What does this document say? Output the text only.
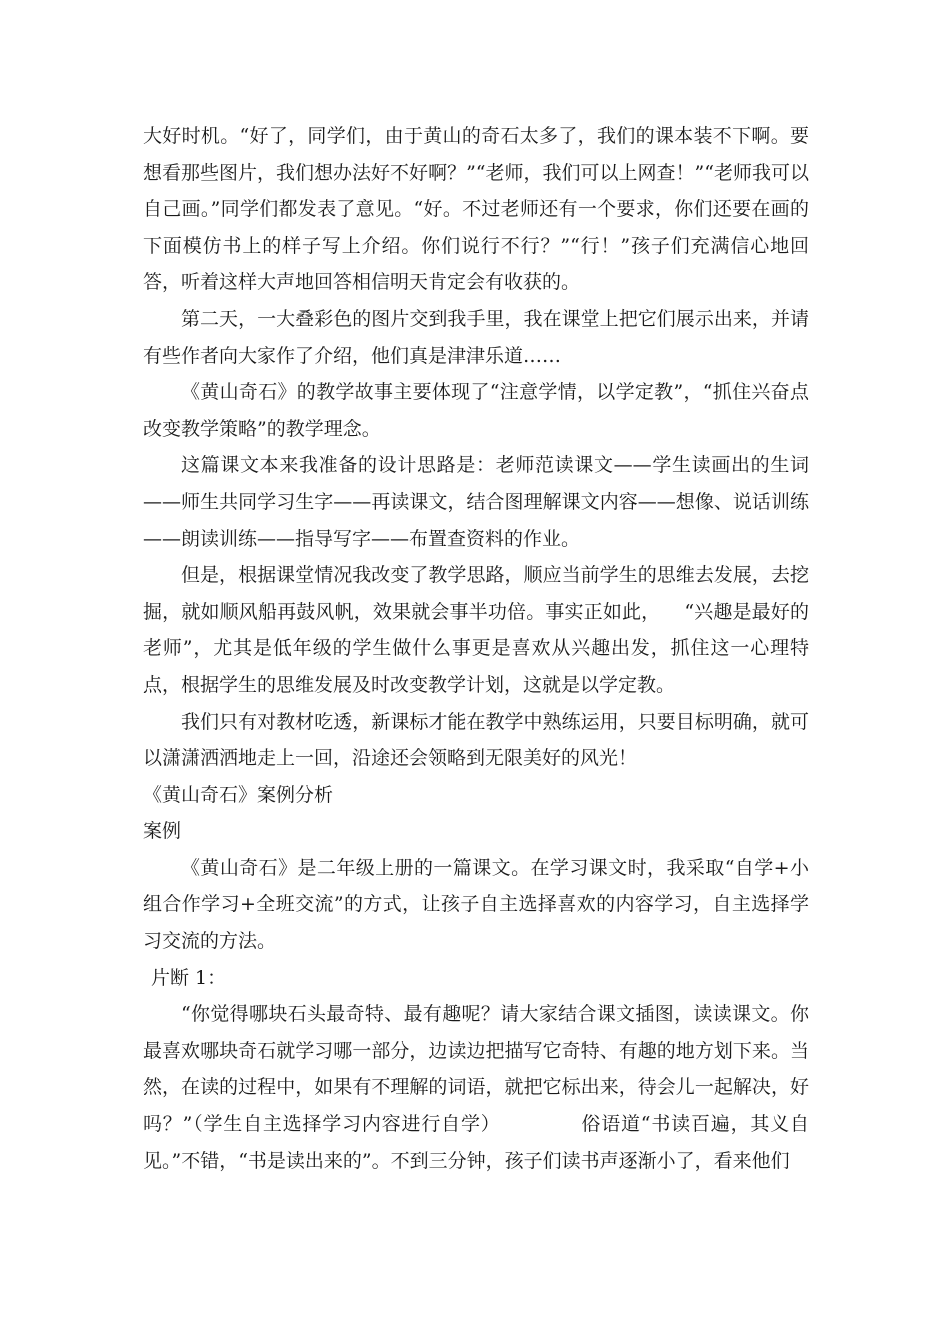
大好时机。“好了，同学们，由于黄山的奇石太多了，我们的课本装不下啊。要想看那些图片，我们想办法好不好啊？”“老师，我们可以上网查！”“老师我可以自己画。”同学们都发表了意见。“好。不过老师还有一个要求，你们还要在画的下面模仿书上的样子写上介绍。你们说行不行？”“行！”孩子们充满信心地回答，听着这样大声地回答相信明天肯定会有收获的。

第二天，一大叠彩色的图片交到我手里，我在课堂上把它们展示出来，并请有些作者向大家作了介绍，他们真是津津乐道……

《黄山奇石》的教学故事主要体现了“注意学情，以学定教”，“抓住兴奋点改变教学策略”的教学理念。

这篇课文本来我准备的设计思路是：老师范读课文——学生读画出的生词——师生共同学习生字——再读课文，结合图理解课文内容——想像、说话训练——朗读训练——指导写字——布置查资料的作业。

但是，根据课堂情况我改变了教学思路，顺应当前学生的思维去发展，去挖掘，就如顺风船再鼓风帆，效果就会事半功倍。事实正如此， “兴趣是最好的老师”，尤其是低年级的学生做什么事更是喜欢从兴趣出发，抓住这一心理特点，根据学生的思维发展及时改变教学计划，这就是以学定教。

我们只有对教材吃透，新课标才能在教学中熟练运用，只要目标明确，就可以潇潇洒洒地走上一回，沿途还会领略到无限美好的风光！

《黄山奇石》案例分析

案例

《黄山奇石》是二年级上册的一篇课文。在学习课文时，我采取“自学+小组合作学习+全班交流”的方式，让孩子自主选择喜欢的内容学习，自主选择学习交流的方法。

片断 1：

“你觉得哪块石头最奇特、最有趣呢？请大家结合课文插图，读读课文。你最喜欢哪块奇石就学习哪一部分，边读边把描写它奇特、有趣的地方划下来。当然，在读的过程中，如果有不理解的词语，就把它标出来，待会儿一起解决，好吗？”（学生自主选择学习内容进行自学）	俗语道“书读百遍，其义自见。”不错，“书是读出来的”。不到三分钟，孩子们读书声逐渐小了，看来他们
